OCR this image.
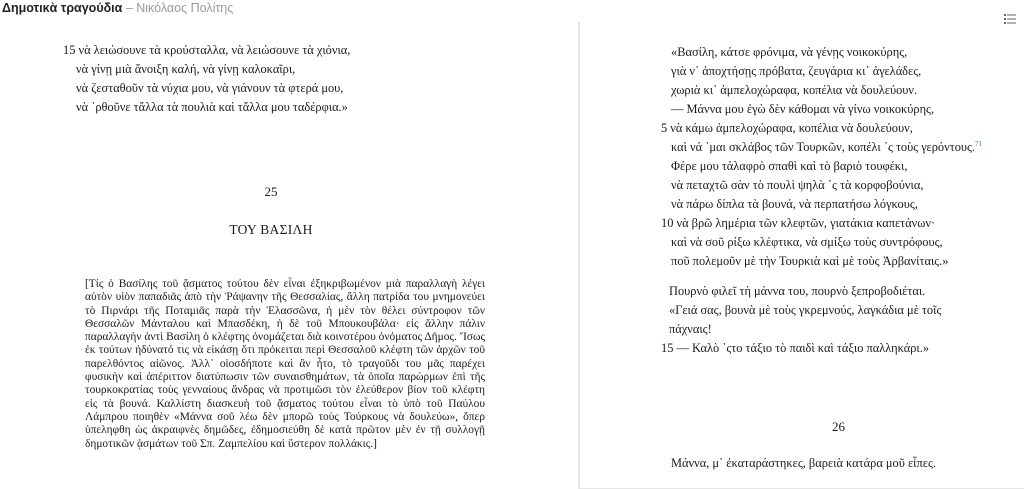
Δημοτικὰ τραγούδια – Νικόλαος Πολίτης
15 νὰ λειώσουνε τὰ κρούσταλλα, νὰ λειώσουνε τὰ χιόνια,
νὰ γίνῃ μιὰ ἄνοιξη καλή, νὰ γίνῃ καλοκαῖρι,
νὰ ζεσταθοῦν τὰ νύχια μου, νὰ γιάνουν τὰ φτερά μου,
νὰ ᾿ρθοῦνε τἄλλα τὰ πουλιὰ καὶ τἄλλα μου ταδέρφια.»
25
ΤΟΥ ΒΑΣΙΛΗ

[Τίς ὁ Βασίλης τοῦ ᾄσματος τούτου δὲν εἶναι ἐξηκριβωμένον μιὰ παραλλαγὴ λέγει αὐτὸν υἱὸν παπαδιᾶς ἀπὸ τὴν Ῥάψανην τῆς Θεσσαλίας, ἄλλη πατρίδα του μνημονεύει τὸ Πιρνάρι τῆς Ποταμιᾶς παρὰ τὴν Ἐλασσῶνα, ἡ μὲν τὸν θέλει σύντροφον τῶν Θεσσαλῶν Μάνταλου καὶ Μπασδέκη, ἡ δὲ τοῦ Μπουκουβάλα· εἰς ἄλλην πάλιν παραλλαγὴν ἀντὶ Βασίλη ὁ κλέφτης ὀνομάζεται διὰ κοινοτέρου ὀνόματος Δῆμος. Ἴσως ἐκ τούτων ἠδύνατό τις νὰ εἰκάσῃ ὅτι πρόκειται περὶ Θεσσαλοῦ κλέφτη τῶν ἀρχῶν τοῦ παρελθόντος αἰῶνος. Ἀλλ᾿ οἱοσδήποτε καὶ ἂν ἦτο, τὸ τραγοῦδι του μᾶς παρέχει φυσικὴν καὶ ἀπέριττον διατύπωσιν τῶν συναισθημάτων, τὰ ὁποῖα παρώρμων ἐπὶ τῆς τουρκοκρατίας τοὺς γενναίους ἄνδρας νὰ προτιμῶσι τὸν ἐλεύθερον βίον τοῦ κλέφτη εἰς τὰ βουνά. Καλλίστη διασκευὴ τοῦ ᾄσματος τούτου εἶναι τὸ ὑπὸ τοῦ Παύλου Λάμπρου ποιηθὲν «Μάννα σοῦ λέω δὲν μπορῶ τοὺς Τούρκους νὰ δουλεύω», ὅπερ ὑπεληφθη ὡς ἀκραιφνὲς δημῶδες, ἐδημοσιεύθη δὲ κατὰ πρῶτον μὲν ἐν τῇ συλλογῇ δημοτικῶν ᾀσμάτων τοῦ Σπ. Ζαμπελίου καὶ ὕστερον πολλάκις.]

«Βασίλη, κάτσε φρόνιμα, νὰ γένῃς νοικοκύρης,
γιὰ ν᾿ ἀποχτήσῃς πρόβατα, ζευγάρια κι᾿ ἀγελάδες,
χωριὰ κι᾿ ἀμπελοχώραφα, κοπέλια νὰ δουλεύουν.
— Μάννα μου ἐγὼ δὲν κάθομαι νὰ γίνω νοικοκύρης,
5 νὰ κάμω ἀμπελοχώραφα, κοπέλια νὰ δουλεύουν,
καὶ νά ᾿μαι σκλάβος τῶν Τουρκῶν, κοπέλι ᾿ς τοὺς γερόντους.$^{71}$
Φέρε μου τἀλαφρὸ σπαθὶ καὶ τὸ βαριὸ τουφέκι,
νὰ πεταχτῶ σὰν τὸ πουλὶ ψηλὰ ᾿ς τὰ κορφοβούνια,
νὰ πάρω δίπλα τὰ βουνά, νὰ περπατήσω λόγκους,
10 νὰ βρῶ λημέρια τῶν κλεφτῶν, γιατάκια καπετάνων·
καὶ νὰ σοῦ ρίξω κλέφτικα, νὰ σμίξω τοὺς συντρόφους,
ποῦ πολεμοῦν μὲ τὴν Τουρκιὰ καὶ μὲ τοὺς Ἀρβανίταις.»
Πουρνὸ φιλεῖ τὴ μάννα του, πουρνὸ ξεπροβοδιέται.
«Γειά σας, βουνὰ μὲ τοὺς γκρεμνούς, λαγκάδια μὲ τοῖς
πάχναις!
15 — Καλὸ ᾿ςτο τάξιο τὸ παιδὶ καὶ τάξιο παλληκάρι.»
26
Μάννα, μ᾿ ἐκαταράστηκες, βαρειὰ κατάρα μοῦ εἶπες.
